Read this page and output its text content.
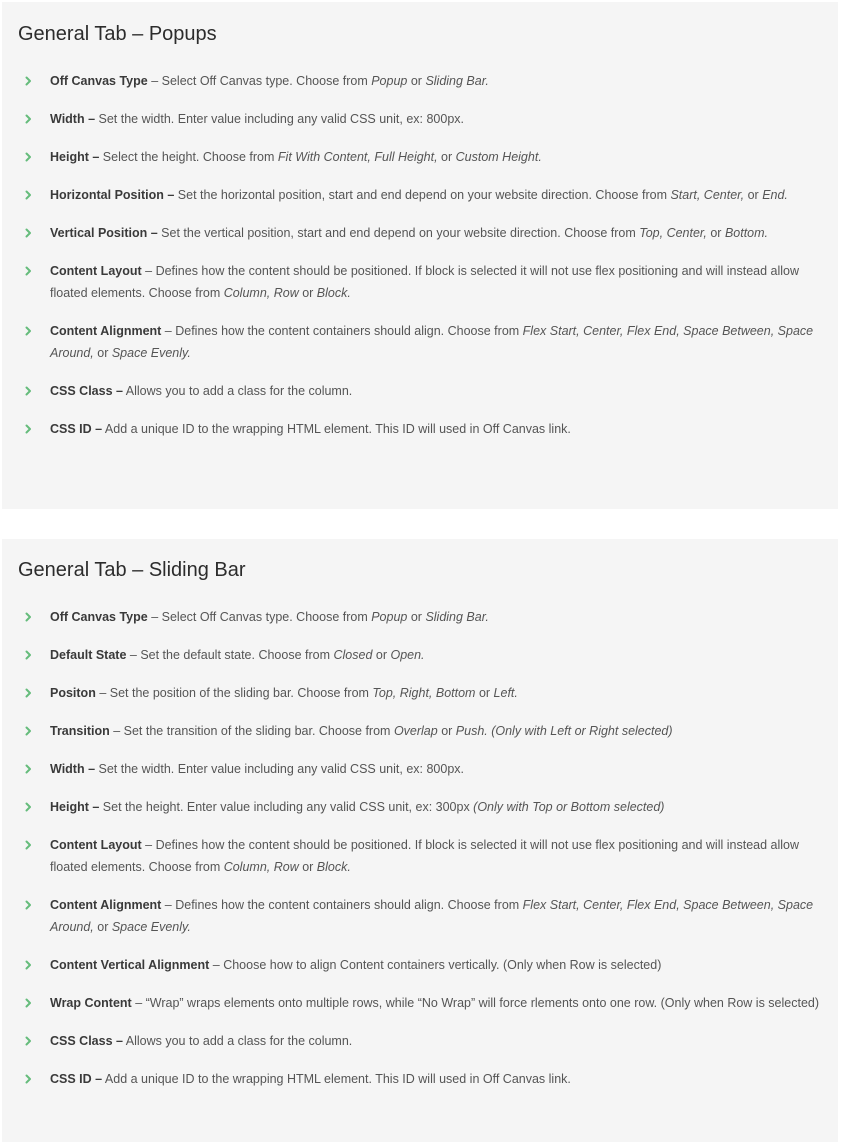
General Tab – Popups
Off Canvas Type – Select Off Canvas type. Choose from Popup or Sliding Bar.
Width – Set the width. Enter value including any valid CSS unit, ex: 800px.
Height – Select the height. Choose from Fit With Content, Full Height, or Custom Height.
Horizontal Position – Set the horizontal position, start and end depend on your website direction. Choose from Start, Center, or End.
Vertical Position – Set the vertical position, start and end depend on your website direction. Choose from Top, Center, or Bottom.
Content Layout – Defines how the content should be positioned. If block is selected it will not use flex positioning and will instead allow floated elements. Choose from Column, Row or Block.
Content Alignment – Defines how the content containers should align. Choose from Flex Start, Center, Flex End, Space Between, Space Around, or Space Evenly.
CSS Class – Allows you to add a class for the column.
CSS ID – Add a unique ID to the wrapping HTML element. This ID will used in Off Canvas link.
General Tab – Sliding Bar
Off Canvas Type – Select Off Canvas type. Choose from Popup or Sliding Bar.
Default State – Set the default state. Choose from Closed or Open.
Positon – Set the position of the sliding bar. Choose from Top, Right, Bottom or Left.
Transition – Set the transition of the sliding bar. Choose from Overlap or Push. (Only with Left or Right selected)
Width – Set the width. Enter value including any valid CSS unit, ex: 800px.
Height – Set the height. Enter value including any valid CSS unit, ex: 300px (Only with Top or Bottom selected)
Content Layout – Defines how the content should be positioned. If block is selected it will not use flex positioning and will instead allow floated elements. Choose from Column, Row or Block.
Content Alignment – Defines how the content containers should align. Choose from Flex Start, Center, Flex End, Space Between, Space Around, or Space Evenly.
Content Vertical Alignment – Choose how to align Content containers vertically. (Only when Row is selected)
Wrap Content – “Wrap” wraps elements onto multiple rows, while “No Wrap” will force rlements onto one row. (Only when Row is selected)
CSS Class – Allows you to add a class for the column.
CSS ID – Add a unique ID to the wrapping HTML element. This ID will used in Off Canvas link.
